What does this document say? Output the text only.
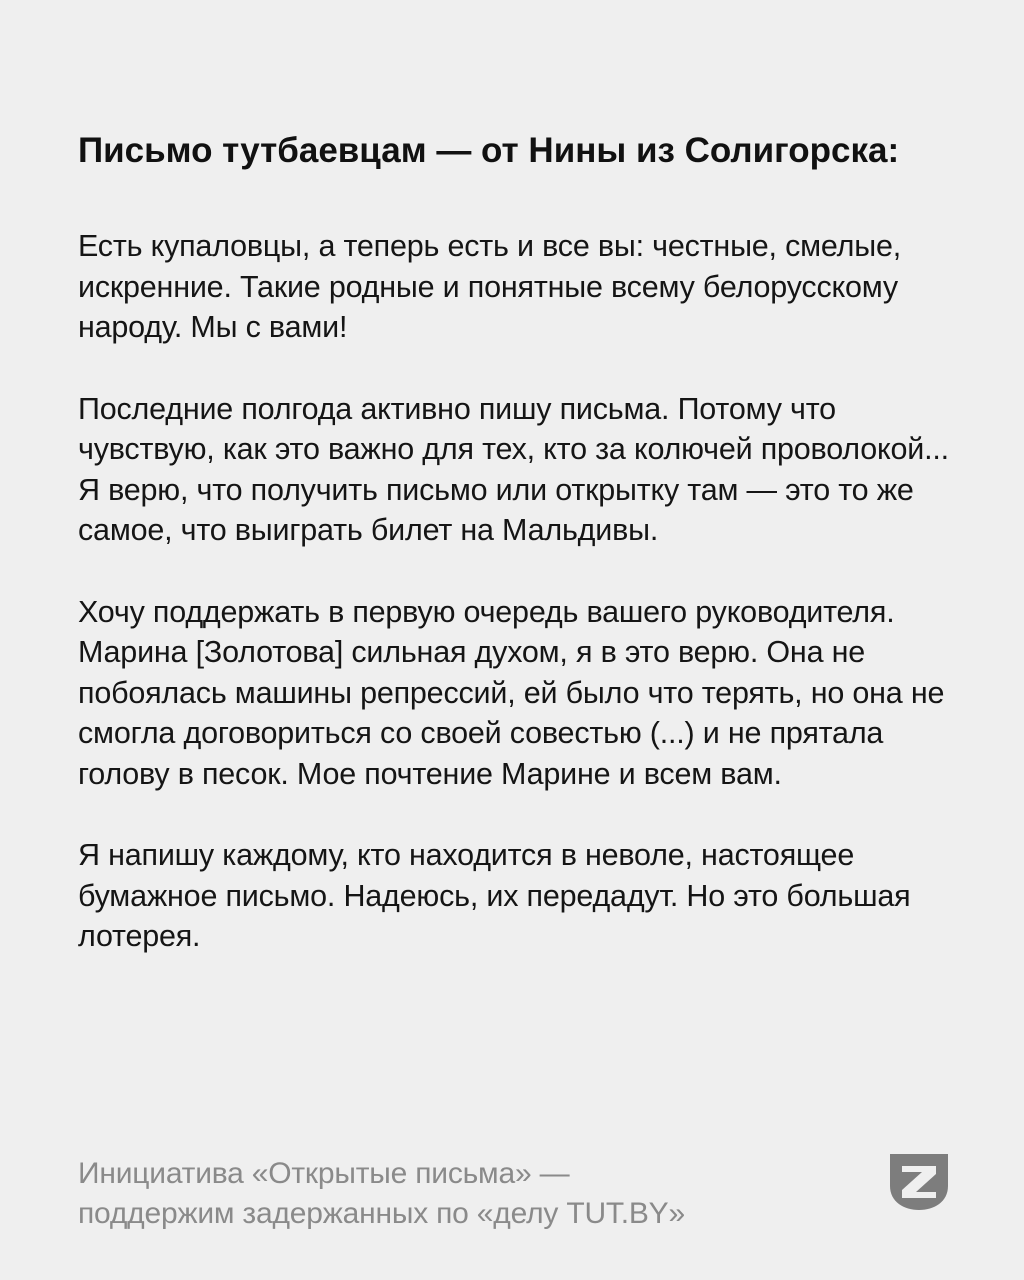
Письмо тутбаевцам — от Нины из Солигорска:

Есть купаловцы, а теперь есть и все вы: честные, смелые, искренние. Такие родные и понятные всему белорусскому народу. Мы с вами!

Последние полгода активно пишу письма. Потому что чувствую, как это важно для тех, кто за колючей проволокой... Я верю, что получить письмо или открытку там — это то же самое, что выиграть билет на Мальдивы.

Хочу поддержать в первую очередь вашего руководителя. Марина [Золотова] сильная духом, я в это верю. Она не побоялась машины репрессий, ей было что терять, но она не смогла договориться со своей совестью (...) и не прятала голову в песок. Мое почтение Марине и всем вам.

Я напишу каждому, кто находится в неволе, настоящее бумажное письмо. Надеюсь, их передадут. Но это большая лотерея.

Инициатива «Открытые письма» —
поддержим задержанных по «делу TUT.BY»
